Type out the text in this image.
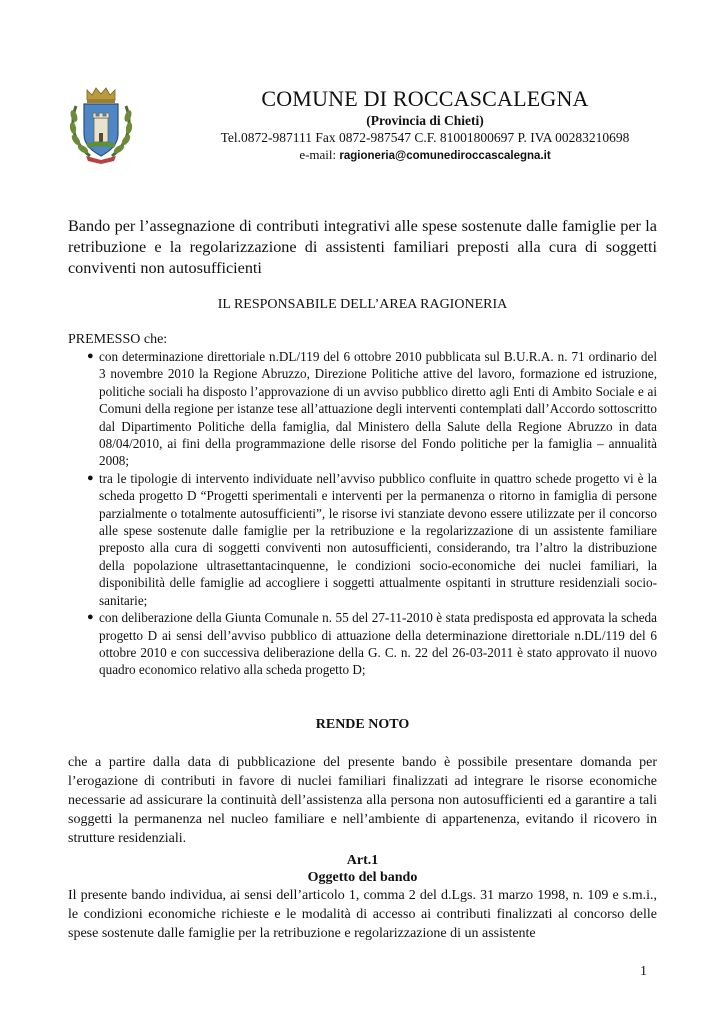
COMUNE DI ROCCASCALEGNA
(Provincia di Chieti)
Tel.0872-987111 Fax 0872-987547 C.F. 81001800697 P. IVA 00283210698
e-mail: ragioneria@comunediroccascalegna.it
Bando per l’assegnazione di contributi integrativi alle spese sostenute dalle famiglie per la retribuzione e la regolarizzazione di assistenti familiari preposti alla cura di soggetti conviventi non autosufficienti
IL RESPONSABILE DELL’AREA RAGIONERIA
PREMESSO che:
● con determinazione direttoriale n.DL/119 del 6 ottobre 2010 pubblicata sul B.U.R.A. n. 71 ordinario del 3 novembre 2010 la Regione Abruzzo, Direzione Politiche attive del lavoro, formazione ed istruzione, politiche sociali ha disposto l’approvazione di un avviso pubblico diretto agli Enti di Ambito Sociale e ai Comuni della regione per istanze tese all’attuazione degli interventi contemplati dall’Accordo sottoscritto dal Dipartimento Politiche della famiglia, dal Ministero della Salute della Regione Abruzzo in data 08/04/2010, ai fini della programmazione delle risorse del Fondo politiche per la famiglia – annualità 2008;
● tra le tipologie di intervento individuate nell’avviso pubblico confluite in quattro schede progetto vi è la scheda progetto D “Progetti sperimentali e interventi per la permanenza o ritorno in famiglia di persone parzialmente o totalmente autosufficienti”, le risorse ivi stanziate devono essere utilizzate per il concorso alle spese sostenute dalle famiglie per la retribuzione e la regolarizzazione di un assistente familiare preposto alla cura di soggetti conviventi non autosufficienti, considerando, tra l’altro la distribuzione della popolazione ultrasettantacinquenne, le condizioni socio-economiche dei nuclei familiari, la disponibilità delle famiglie ad accogliere i soggetti attualmente ospitanti in strutture residenziali socio-sanitarie;
● con deliberazione della Giunta Comunale n. 55 del 27-11-2010 è stata predisposta ed approvata la scheda progetto D ai sensi dell’avviso pubblico di attuazione della determinazione direttoriale n.DL/119 del 6 ottobre 2010 e con successiva deliberazione della G. C. n. 22 del 26-03-2011 è stato approvato il nuovo quadro economico relativo alla scheda progetto D;
RENDE NOTO
che a partire dalla data di pubblicazione del presente bando è possibile presentare domanda per l’erogazione di contributi in favore di nuclei familiari finalizzati ad integrare le risorse economiche necessarie ad assicurare la continuità dell’assistenza alla persona non autosufficienti ed a garantire a tali soggetti la permanenza nel nucleo familiare e nell’ambiente di appartenenza, evitando il ricovero in strutture residenziali.
Art.1
Oggetto del bando
Il presente bando individua, ai sensi dell’articolo 1, comma 2 del d.Lgs. 31 marzo 1998, n. 109 e s.m.i., le condizioni economiche richieste e le modalità di accesso ai contributi finalizzati al concorso delle spese sostenute dalle famiglie per la retribuzione e regolarizzazione di un assistente
1
